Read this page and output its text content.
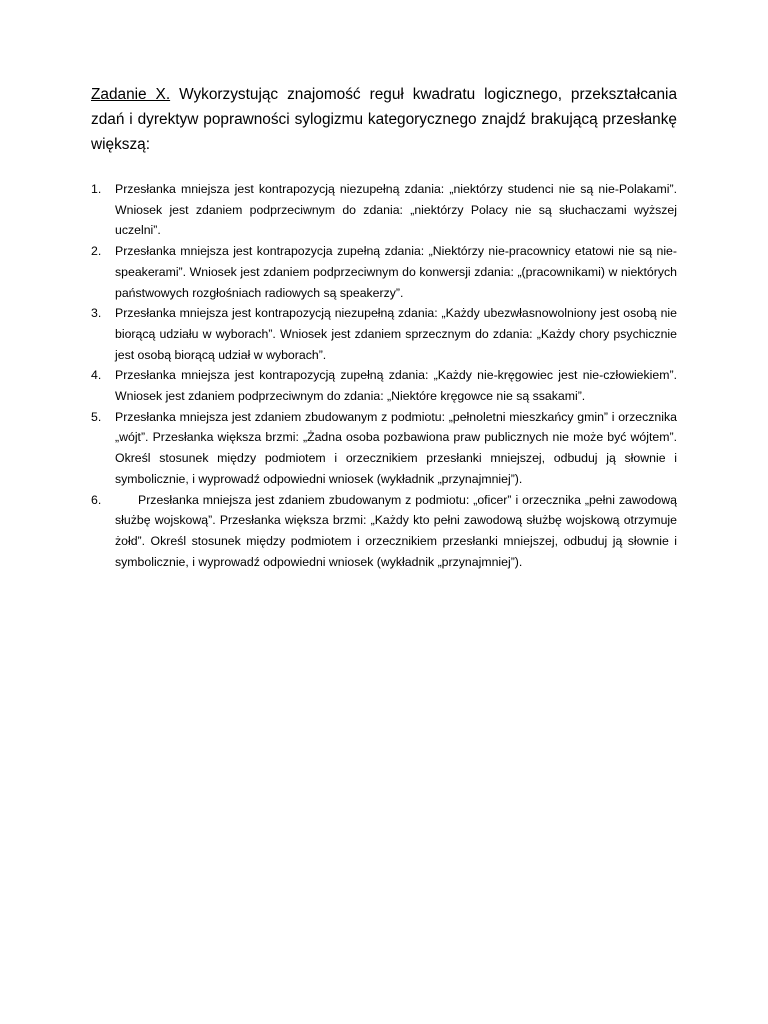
Zadanie X. Wykorzystując znajomość reguł kwadratu logicznego, przekształcania zdań i dyrektyw poprawności sylogizmu kategorycznego znajdź brakującą przesłankę większą:

1. Przesłanka mniejsza jest kontrapozycją niezupełną zdania: „niektórzy studenci nie są nie-Polakami”. Wniosek jest zdaniem podprzeciwnym do zdania: „niektórzy Polacy nie są słuchaczami wyższej uczelni”.
2. Przesłanka mniejsza jest kontrapozycja zupełną zdania: „Niektórzy nie-pracownicy etatowi nie są nie-speakerami”. Wniosek jest zdaniem podprzeciwnym do konwersji zdania: „(pracownikami) w niektórych państwowych rozgłośniach radiowych są speakerzy”.
3. Przesłanka mniejsza jest kontrapozycją niezupełną zdania: „Każdy ubezwłasnowolniony jest osobą nie biorącą udziału w wyborach”. Wniosek jest zdaniem sprzecznym do zdania: „Każdy chory psychicznie jest osobą biorącą udział w wyborach”.
4. Przesłanka mniejsza jest kontrapozycją zupełną zdania: „Każdy nie-kręgowiec jest nie-człowiekiem”. Wniosek jest zdaniem podprzeciwnym do zdania: „Niektóre kręgowce nie są ssakami”.
5. Przesłanka mniejsza jest zdaniem zbudowanym z podmiotu: „pełnoletni mieszkańcy gmin” i orzecznika „wójt”. Przesłanka większa brzmi: „Żadna osoba pozbawiona praw publicznych nie może być wójtem”. Określ stosunek między podmiotem i orzecznikiem przesłanki mniejszej, odbuduj ją słownie i symbolicznie, i wyprowadź odpowiedni wniosek (wykładnik „przynajmniej”).
6.	Przesłanka mniejsza jest zdaniem zbudowanym z podmiotu: „oficer” i orzecznika „pełni zawodową służbę wojskową”. Przesłanka większa brzmi: „Każdy kto pełni zawodową służbę wojskową otrzymuje żołd”. Określ stosunek między podmiotem i orzecznikiem przesłanki mniejszej, odbuduj ją słownie i symbolicznie, i wyprowadź odpowiedni wniosek (wykładnik „przynajmniej”).
